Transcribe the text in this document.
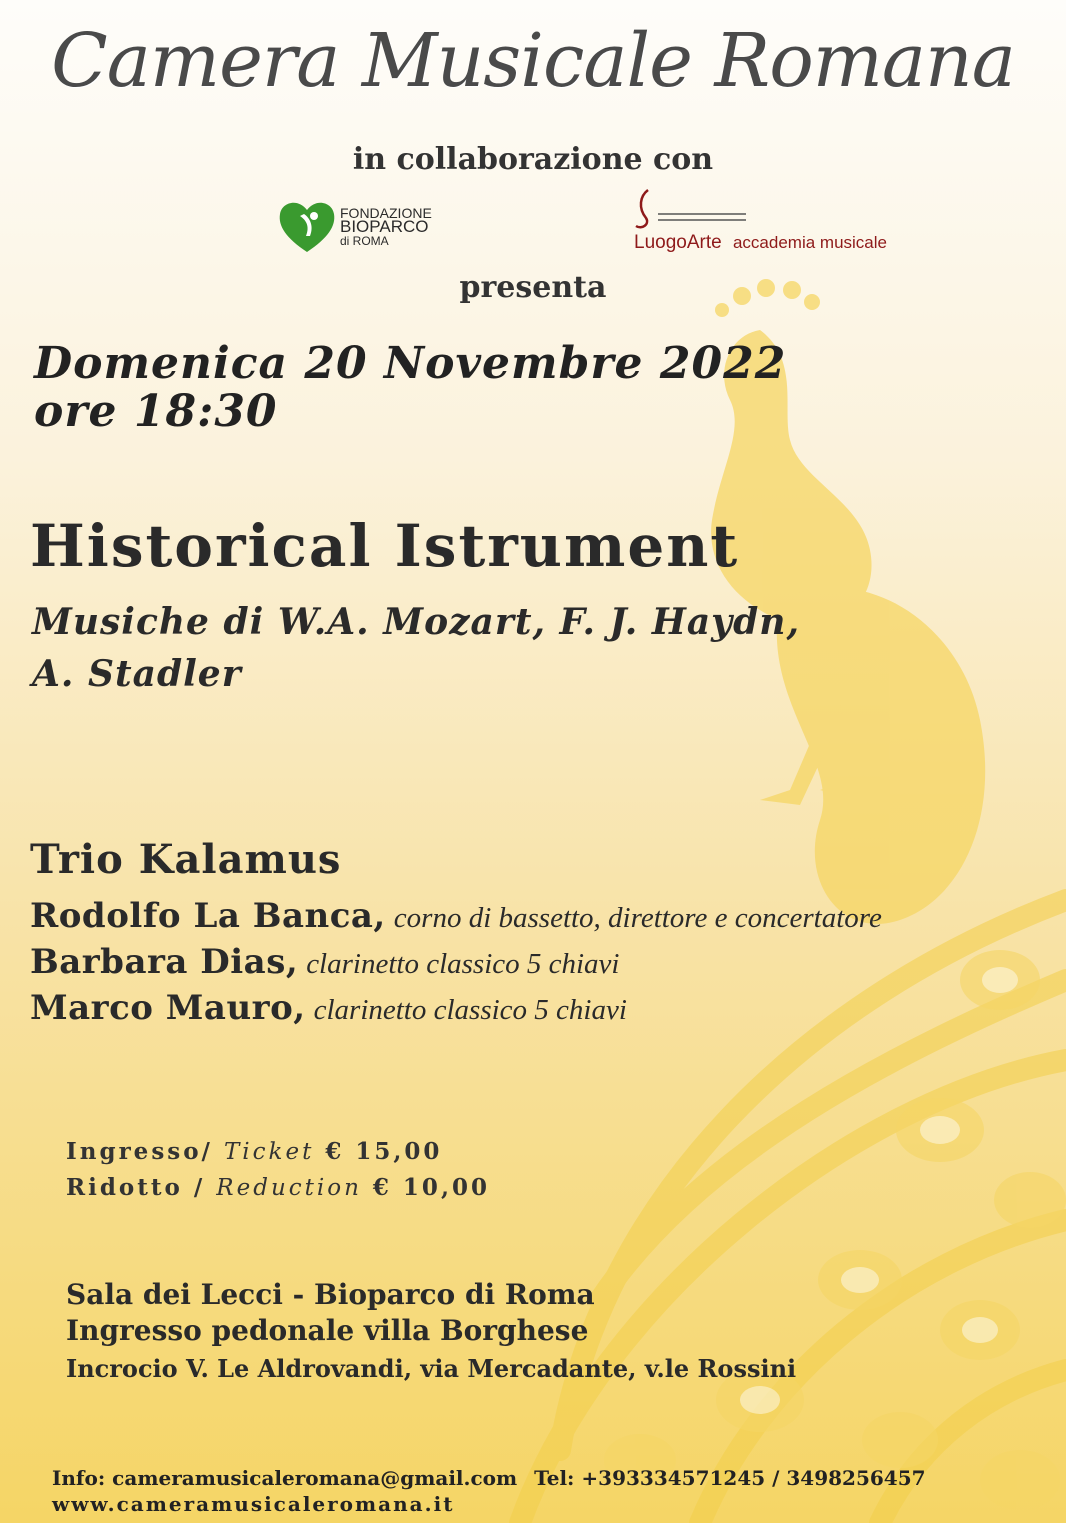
Camera Musicale Romana
in collaborazione con
FONDAZIONE
BIOPARCO
di ROMA	LuogoArte accademia musicale
presenta
Domenica 20 Novembre 2022
ore 18:30
Historical Istrument
Musiche di W.A. Mozart, F. J. Haydn,
A. Stadler
Trio Kalamus
Rodolfo La Banca, corno di bassetto, direttore e concertatore
Barbara Dias, clarinetto classico 5 chiavi
Marco Mauro, clarinetto classico 5 chiavi
Ingresso/ Ticket € 15,00
Ridotto / Reduction € 10,00
Sala dei Lecci - Bioparco di Roma
Ingresso pedonale villa Borghese
Incrocio V. Le Aldrovandi, via Mercadante, v.le Rossini
Info: cameramusicaleromana@gmail.com Tel: +393334571245 / 3498256457
www.cameramusicaleromana.it
